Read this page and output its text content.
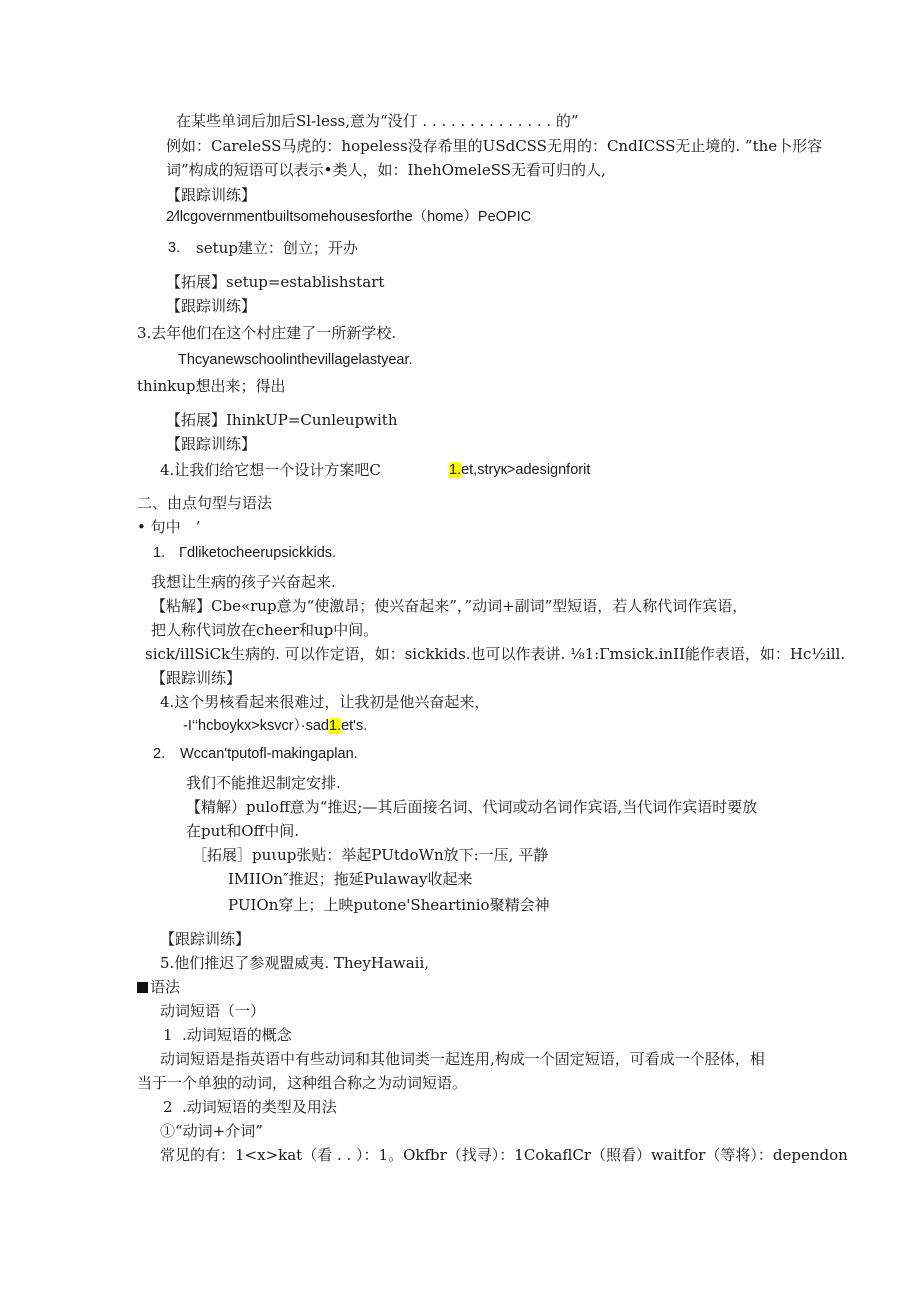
在某些单词后加后Sl-less,意为“没仃 . . . . . . . . . . . . . . 的”
例如：CareleSS马虎的：hopeless没存希里的USdCSS无用的：CndICSS无止境的. ”the卜形容
词”构成的短语可以表示•类人，如：IhehOmeleSS无看可归的人,
【跟踪训练】
2⁄llcgovernmentbuiltsomehousesforthe（home）PeOPIC
3. setup建立：创立；开办
【拓展】setup=establishstart
【跟踪训练】
3.去年他们在这个村庄建了一所新学校.
Thcyanewschoolinthevillagelastyear.
thinkup想出来；得出
【拓展】IhinkUP=Cunleupwith
【跟踪训练】
4.让我们给它想一个设计方案吧C	1.et,stryк>adesignforit
二、由点句型与语法
• 句中　’
1. Γdliketocheerupsickkids.
我想让生病的孩子兴奋起来.
【粘解】Cbe«rup意为“使激昂；使兴奋起来”，”动词+副词”型短语，若人称代词作宾语，
把人称代词放在cheer和up中间。
sick/illSiCk生病的. 可以作定语，如：sickkids.也可以作表讲. ⅛1:Γmsick.inII能作表语，如：Hc½ill.
【跟踪训练】
4.这个男核看起来很难过，让我初是他兴奋起来，
-I‘‘hcboykx>ksvcr）·sad1.et's.
2. Wccan'tputofl-makingaplan.
我们不能推迟制定安排.
【精解）puloff意为“推迟;—其后面接名词、代词或动名词作宾语,当代词作宾语时要放
在put和Off中间.
［拓展］puιup张贴：举起PUtdoWn放下:一压, 平静
IMIIOn″推迟；拖延Pulaway收起来
PUIOn穿上；上映putone'Sheartinio聚精会神
【跟踪训练】
5.他们推迟了参观盟威夷. TheyHawaii,
语法
动词短语（一）
1 .动词短语的概念
动词短语是指英语中有些动词和其他词类一起连用,构成一个固定短语，可看成一个胫体，相
当于一个单独的动词，这种组合称之为动词短语。
2 .动词短语的类型及用法
①“动词+介词”
常见的有：1<x>kat（看 . . ）：1。Okfbr（找寻）：1CokaflCr（照看）waitfor（等将）：dependon
